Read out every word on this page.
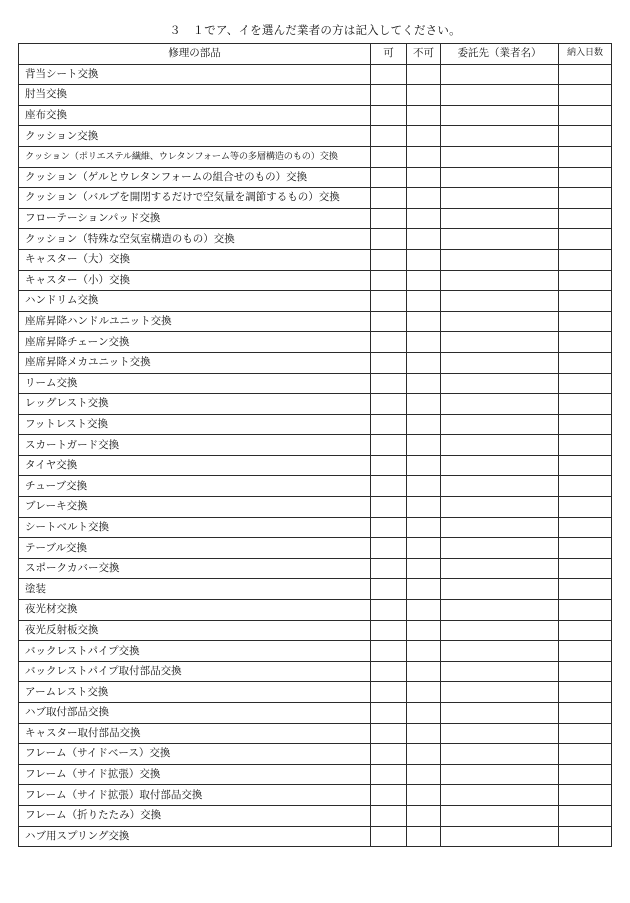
３　１でア、イを選んだ業者の方は記入してください。
修理の部品	可	不可	委託先（業者名）	納入日数
背当シート交換				
肘当交換				
座布交換				
クッション交換				
クッション（ポリエステル繊維、ウレタンフォーム等の多層構造のもの）交換				
クッション（ゲルとウレタンフォームの組合せのもの）交換				
クッション（バルブを開閉するだけで空気量を調節するもの）交換				
フローテーションパッド交換				
クッション（特殊な空気室構造のもの）交換				
キャスター（大）交換				
キャスター（小）交換				
ハンドリム交換				
座席昇降ハンドルユニット交換				
座席昇降チェーン交換				
座席昇降メカユニット交換				
リーム交換				
レッグレスト交換				
フットレスト交換				
スカートガード交換				
タイヤ交換				
チューブ交換				
ブレーキ交換				
シートベルト交換				
テーブル交換				
スポークカバー交換				
塗装				
夜光材交換				
夜光反射板交換				
バックレストパイプ交換				
バックレストパイプ取付部品交換				
アームレスト交換				
ハブ取付部品交換				
キャスター取付部品交換				
フレーム（サイドベース）交換				
フレーム（サイド拡張）交換				
フレーム（サイド拡張）取付部品交換				
フレーム（折りたたみ）交換				
ハブ用スプリング交換				
